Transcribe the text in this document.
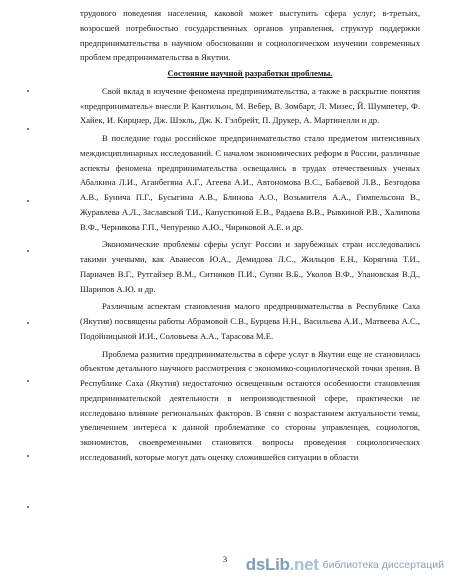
трудового поведения населения, каковой может выступить сфера услуг; в-третьих, возросшей потребностью государственных органов управления, структур поддержки предпринимательства в научном обосновании и социологическом изучении современных проблем предпринимательства в Якутии.

Состояние научной разработки проблемы.

Свой вклад в изучение феномена предпринимательства, а также в раскрытие понятия «предприниматель» внесли Р. Кантильон, М. Вебер, В. Зомбарт, Л. Мизес, Й. Шумпетер, Ф. Хайек, И. Кирцнер, Дж. Шэкль, Дж. К. Гэлбрейт, П. Друкер, А. Мартинелли и др.

В последние годы российское предпринимательство стало предметом интенсивных междисциплинарных исследований. С началом экономических реформ в России, различные аспекты феномена предпринимательства освещались в трудах отечественных ученых Абалкина Л.И., Аганбегяна А.Г., Агеева А.И., Автономова В.С., Бабаевой Л.В., Безгодова А.В., Буничa П.Г., Бусыгина А.В., Блинова А.О., Возьмителя А.А., Гимпельсона В., Журавлева А.Л., Заславской Т.И., Капусткиной Е.В., Радаева В.В., Рывкиной Р.В., Халипова В.Ф., Черникова Г.П., Чепуренко А.Ю., Чириковой А.Е. и др.

Экономические проблемы сферы услуг России и зарубежных стран исследовались такими учеными, как Аванесов Ю.А., Демидова Л.С., Жильцов Е.Н., Корягина Т.И., Парначев В.Г., Рутгайзер В.М., Ситников П.И., Супян В.Б., Уколов В.Ф., Улановская В.Д., Шарипов А.Ю. и др.

Различным аспектам становления малого предпринимательства в Республике Саха (Якутия) посвящены работы Абрамовой С.В., Бурцева Н.Н., Васильева А.И., Матвеева А.С., Подойницыной И.И., Соловьева А.А., Тарасова М.Е.

Проблема развития предпринимательства в сфере услуг в Якутии еще не становилась объектом детального научного рассмотрения с экономико-социологической точки зрения. В Республике Саха (Якутия) недостаточно освещенным остаются особенности становления предпринимательской деятельности в непроизводственной сфере, практически не исследовано влияние региональных факторов. В связи с возрастанием актуальности темы, увеличением интереса к данной проблематике со стороны управленцев, социологов, экономистов, своевременными становятся вопросы проведения социологических исследований, которые могут дать оценку сложившейся ситуации в области

3	dsLib.net библиотека диссертаций
